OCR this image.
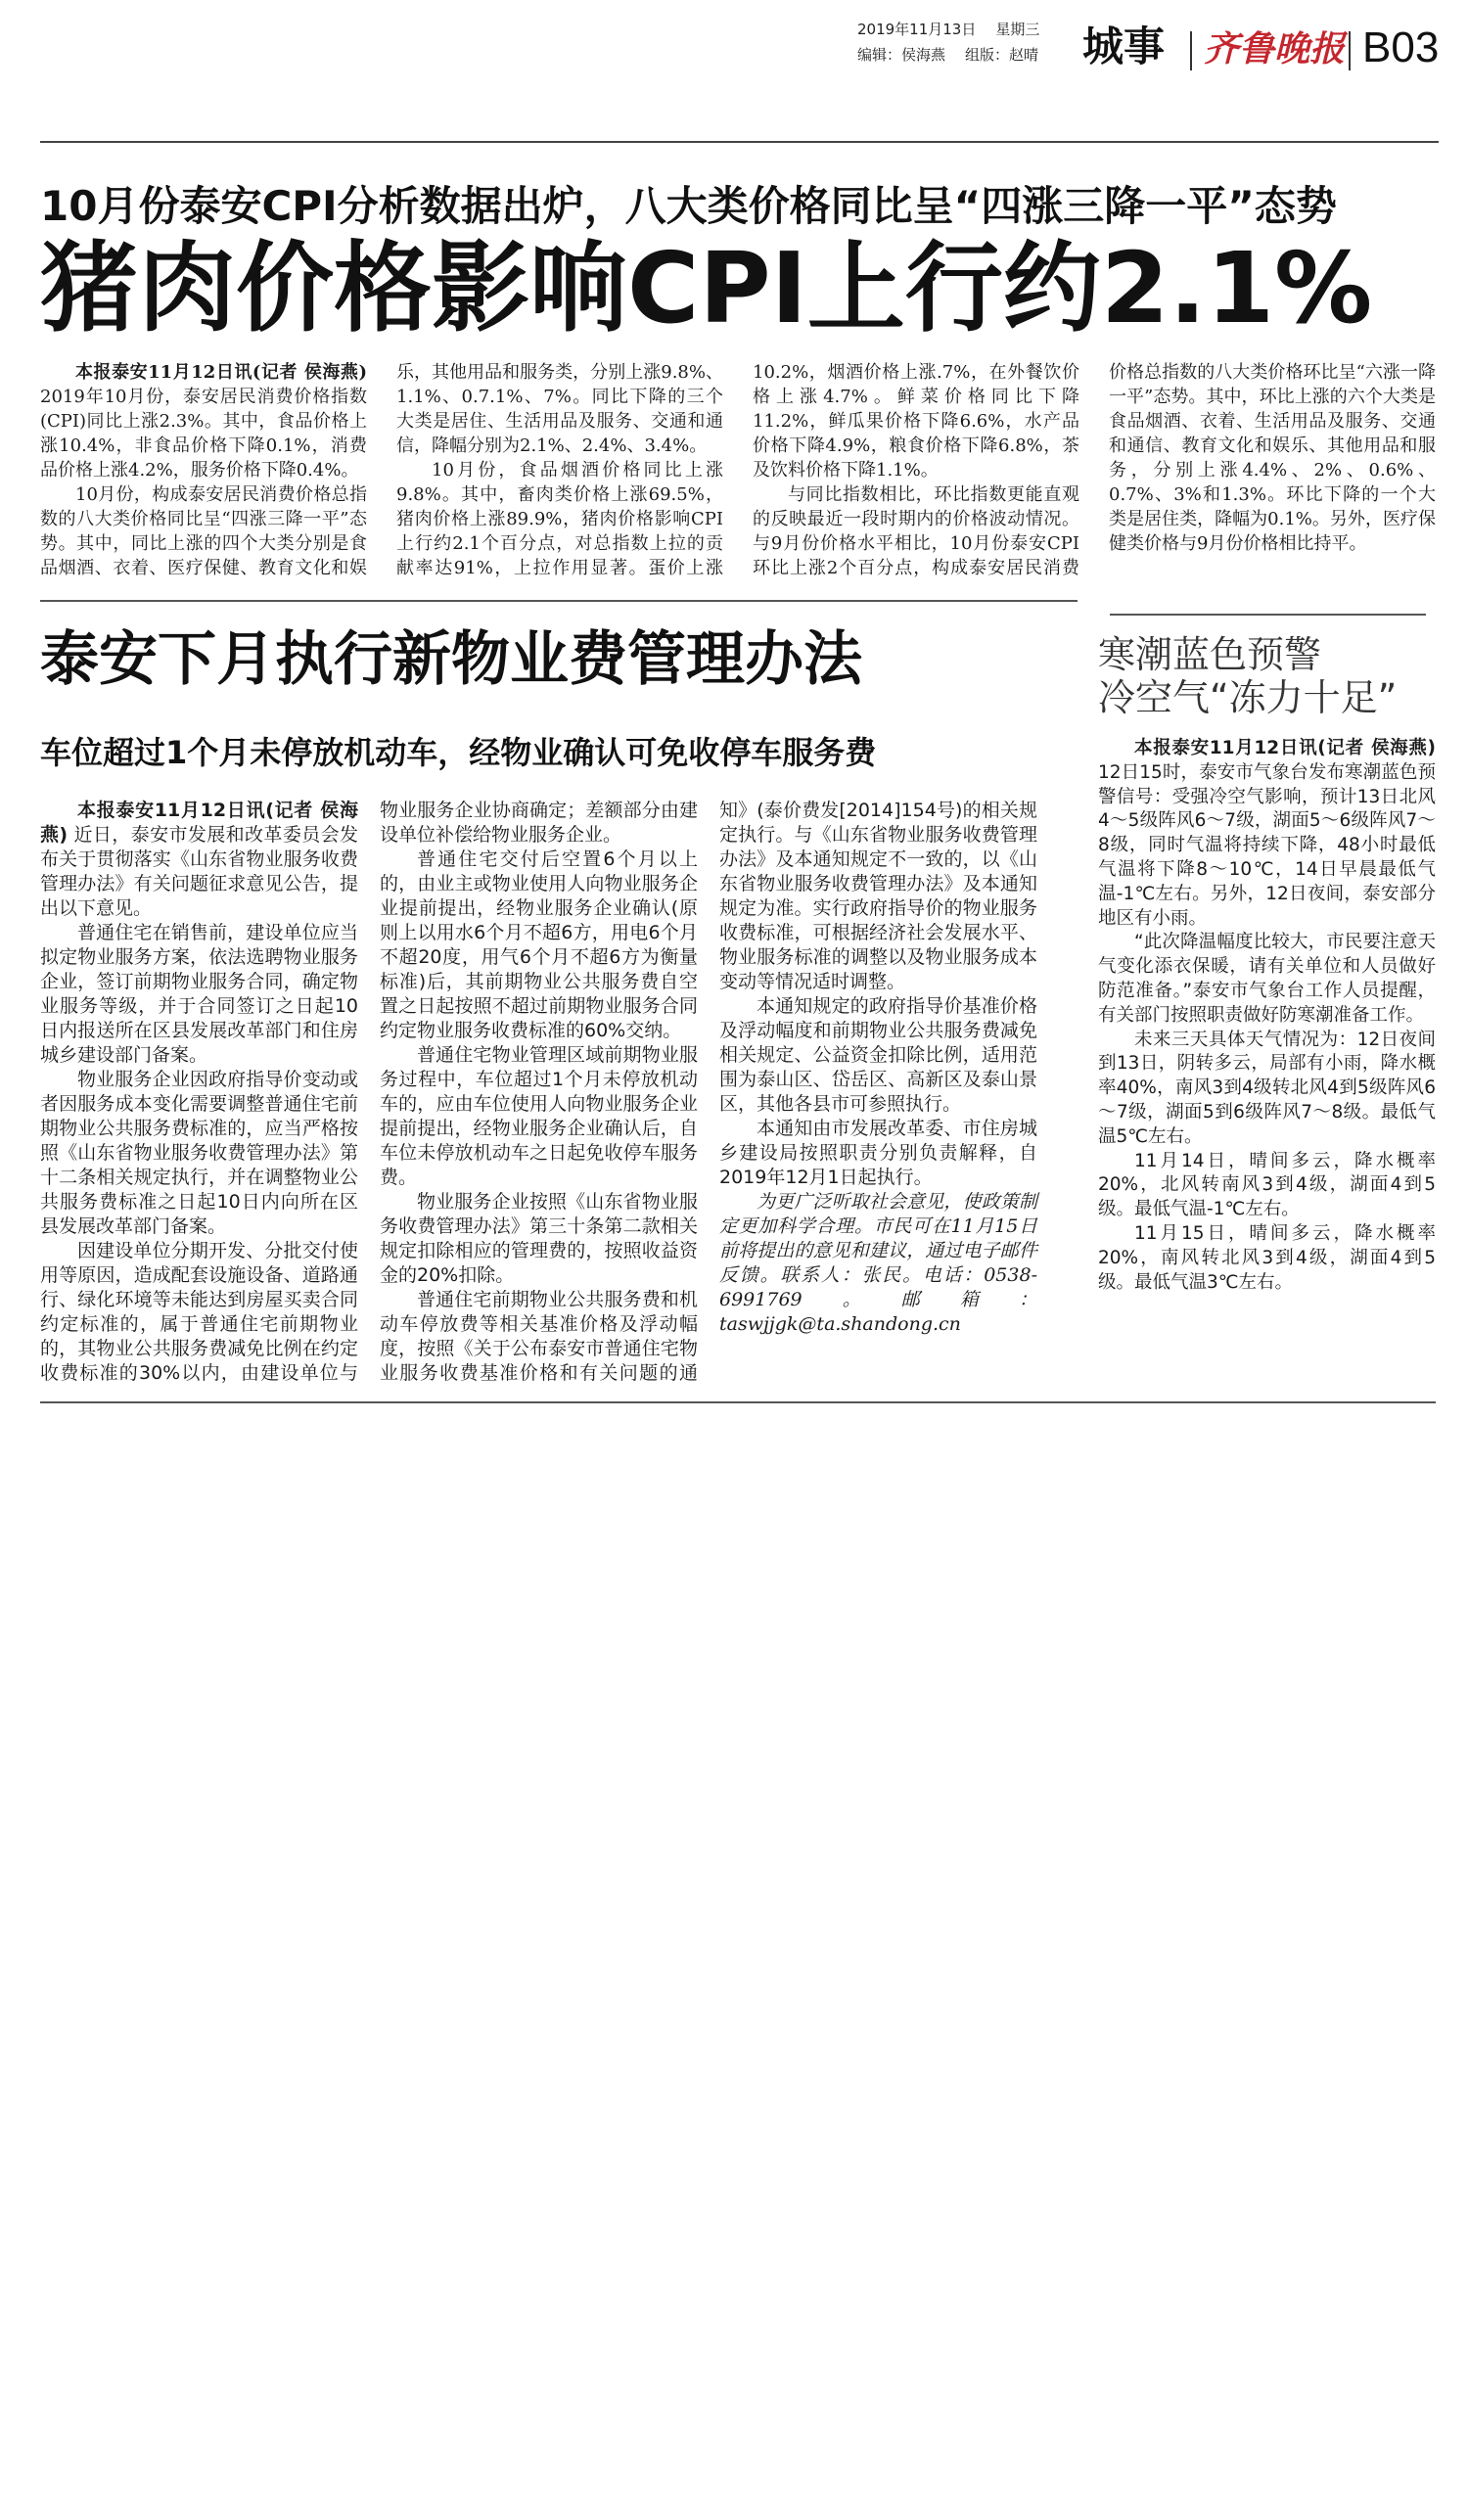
2019年11月13日 星期三
编辑：侯海燕 组版：赵晴 城事 齐鲁晚报 B03
10月份泰安CPI分析数据出炉，八大类价格同比呈“四涨三降一平”态势
猪肉价格影响CPI上行约2.1%

本报泰安11月12日讯(记者 侯海燕) 2019年10月份，泰安居民消费价格指数(CPI)同比上涨2.3%。其中，食品价格上涨10.4%，非食品价格下降0.1%，消费品价格上涨4.2%，服务价格下降0.4%。

10月份，构成泰安居民消费价格总指数的八大类价格同比呈“四涨三降一平”态势。其中，同比上涨的四个大类分别是食品烟酒、衣着、医疗保健、教育文化和娱乐，其他用品和服务类，分别上涨9.8%、1.1%、0.7.1%、7%。同比下降的三个大类是居住、生活用品及服务、交通和通信，降幅分别为2.1%、2.4%、3.4%。

10月份，食品烟酒价格同比上涨9.8%。其中，畜肉类价格上涨69.5%，猪肉价格上涨89.9%，猪肉价格影响CPI上行约2.1个百分点，对总指数上拉的贡献率达91%，上拉作用显著。蛋价上涨10.2%，烟酒价格上涨.7%，在外餐饮价格上涨4.7%。鲜菜价格同比下降11.2%，鲜瓜果价格下降6.6%，水产品价格下降4.9%，粮食价格下降6.8%，茶及饮料价格下降1.1%。

与同比指数相比，环比指数更能直观的反映最近一段时期内的价格波动情况。与9月份价格水平相比，10月份泰安CPI环比上涨2个百分点，构成泰安居民消费价格总指数的八大类价格环比呈“六涨一降一平”态势。其中，环比上涨的六个大类是食品烟酒、衣着、生活用品及服务、交通和通信、教育文化和娱乐、其他用品和服务，分别上涨4.4%、2%、0.6%、0.7%、3%和1.3%。环比下降的一个大类是居住类，降幅为0.1%。另外，医疗保健类价格与9月份价格相比持平。

泰安下月执行新物业费管理办法
车位超过1个月未停放机动车，经物业确认可免收停车服务费

本报泰安11月12日讯(记者 侯海燕) 近日，泰安市发展和改革委员会发布关于贯彻落实《山东省物业服务收费管理办法》有关问题征求意见公告，提出以下意见。

普通住宅在销售前，建设单位应当拟定物业服务方案，依法选聘物业服务企业，签订前期物业服务合同，确定物业服务等级，并于合同签订之日起10日内报送所在区县发展改革部门和住房城乡建设部门备案。

物业服务企业因政府指导价变动或者因服务成本变化需要调整普通住宅前期物业公共服务费标准的，应当严格按照《山东省物业服务收费管理办法》第十二条相关规定执行，并在调整物业公共服务费标准之日起10日内向所在区县发展改革部门备案。

因建设单位分期开发、分批交付使用等原因，造成配套设施设备、道路通行、绿化环境等未能达到房屋买卖合同约定标准的，属于普通住宅前期物业的，其物业公共服务费减免比例在约定收费标准的30%以内，由建设单位与物业服务企业协商确定；差额部分由建设单位补偿给物业服务企业。

普通住宅交付后空置6个月以上的，由业主或物业使用人向物业服务企业提前提出，经物业服务企业确认(原则上以用水6个月不超6方，用电6个月不超20度，用气6个月不超6方为衡量标准)后，其前期物业公共服务费自空置之日起按照不超过前期物业服务合同约定物业服务收费标准的60%交纳。

普通住宅物业管理区域前期物业服务过程中，车位超过1个月未停放机动车的，应由车位使用人向物业服务企业提前提出，经物业服务企业确认后，自车位未停放机动车之日起免收停车服务费。

物业服务企业按照《山东省物业服务收费管理办法》第三十条第二款相关规定扣除相应的管理费的，按照收益资金的20%扣除。

普通住宅前期物业公共服务费和机动车停放费等相关基准价格及浮动幅度，按照《关于公布泰安市普通住宅物业服务收费基准价格和有关问题的通知》(泰价费发[2014]154号)的相关规定执行。与《山东省物业服务收费管理办法》及本通知规定不一致的，以《山东省物业服务收费管理办法》及本通知规定为准。实行政府指导价的物业服务收费标准，可根据经济社会发展水平、物业服务标准的调整以及物业服务成本变动等情况适时调整。

本通知规定的政府指导价基准价格及浮动幅度和前期物业公共服务费减免相关规定、公益资金扣除比例，适用范围为泰山区、岱岳区、高新区及泰山景区，其他各县市可参照执行。

本通知由市发展改革委、市住房城乡建设局按照职责分别负责解释，自2019年12月1日起执行。

为更广泛听取社会意见，使政策制定更加科学合理。市民可在11月15日前将提出的意见和建议，通过电子邮件反馈。联系人：张民。电话：0538-6991769。邮箱：taswjjgk@ta.shandong.cn

寒潮蓝色预警
冷空气“冻力十足”

本报泰安11月12日讯(记者 侯海燕) 12日15时，泰安市气象台发布寒潮蓝色预警信号：受强冷空气影响，预计13日北风4～5级阵风6～7级，湖面5～6级阵风7～8级，同时气温将持续下降，48小时最低气温将下降8～10℃，14日早晨最低气温-1℃左右。另外，12日夜间，泰安部分地区有小雨。

“此次降温幅度比较大，市民要注意天气变化添衣保暖，请有关单位和人员做好防范准备。”泰安市气象台工作人员提醒，有关部门按照职责做好防寒潮准备工作。

未来三天具体天气情况为：12日夜间到13日，阴转多云，局部有小雨，降水概率40%，南风3到4级转北风4到5级阵风6～7级，湖面5到6级阵风7～8级。最低气温5℃左右。

11月14日，晴间多云，降水概率20%，北风转南风3到4级，湖面4到5级。最低气温-1℃左右。

11月15日，晴间多云，降水概率20%，南风转北风3到4级，湖面4到5级。最低气温3℃左右。
